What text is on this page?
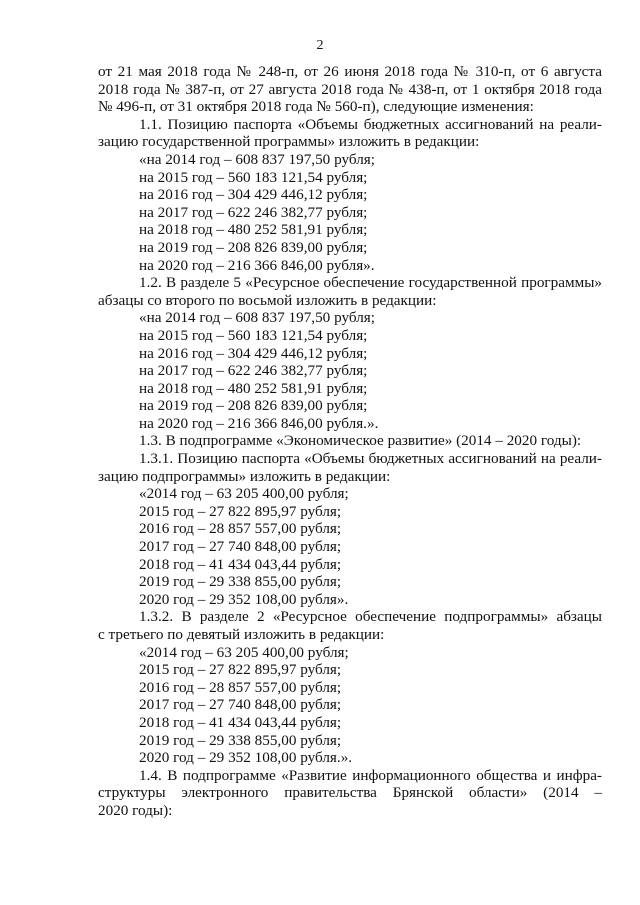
2

от 21 мая 2018 года № 248-п, от 26 июня 2018 года № 310-п, от 6 августа

2018 года № 387-п, от 27 августа 2018 года № 438-п, от 1 октября 2018 года

№ 496-п, от 31 октября 2018 года № 560-п), следующие изменения:

1.1. Позицию паспорта «Объемы бюджетных ассигнований на реали-

зацию государственной программы» изложить в редакции:

«на 2014 год – 608 837 197,50 рубля;

на 2015 год – 560 183 121,54 рубля;

на 2016 год – 304 429 446,12 рубля;

на 2017 год – 622 246 382,77 рубля;

на 2018 год – 480 252 581,91 рубля;

на 2019 год – 208 826 839,00 рубля;

на 2020 год – 216 366 846,00 рубля».

1.2. В разделе 5 «Ресурсное обеспечение государственной программы»

абзацы со второго по восьмой изложить в редакции:

«на 2014 год – 608 837 197,50 рубля;

на 2015 год – 560 183 121,54 рубля;

на 2016 год – 304 429 446,12 рубля;

на 2017 год – 622 246 382,77 рубля;

на 2018 год – 480 252 581,91 рубля;

на 2019 год – 208 826 839,00 рубля;

на 2020 год – 216 366 846,00 рубля.».

1.3. В подпрограмме «Экономическое развитие» (2014 – 2020 годы):

1.3.1. Позицию паспорта «Объемы бюджетных ассигнований на реали-

зацию подпрограммы» изложить в редакции:

«2014 год – 63 205 400,00 рубля;

2015 год – 27 822 895,97 рубля;

2016 год – 28 857 557,00 рубля;

2017 год – 27 740 848,00 рубля;

2018 год – 41 434 043,44 рубля;

2019 год – 29 338 855,00 рубля;

2020 год – 29 352 108,00 рубля».

1.3.2. В разделе 2 «Ресурсное обеспечение подпрограммы» абзацы

с третьего по девятый изложить в редакции:

«2014 год – 63 205 400,00 рубля;

2015 год – 27 822 895,97 рубля;

2016 год – 28 857 557,00 рубля;

2017 год – 27 740 848,00 рубля;

2018 год – 41 434 043,44 рубля;

2019 год – 29 338 855,00 рубля;

2020 год – 29 352 108,00 рубля.».

1.4. В подпрограмме «Развитие информационного общества и инфра-

структуры электронного правительства Брянской области» (2014 –

2020 годы):
